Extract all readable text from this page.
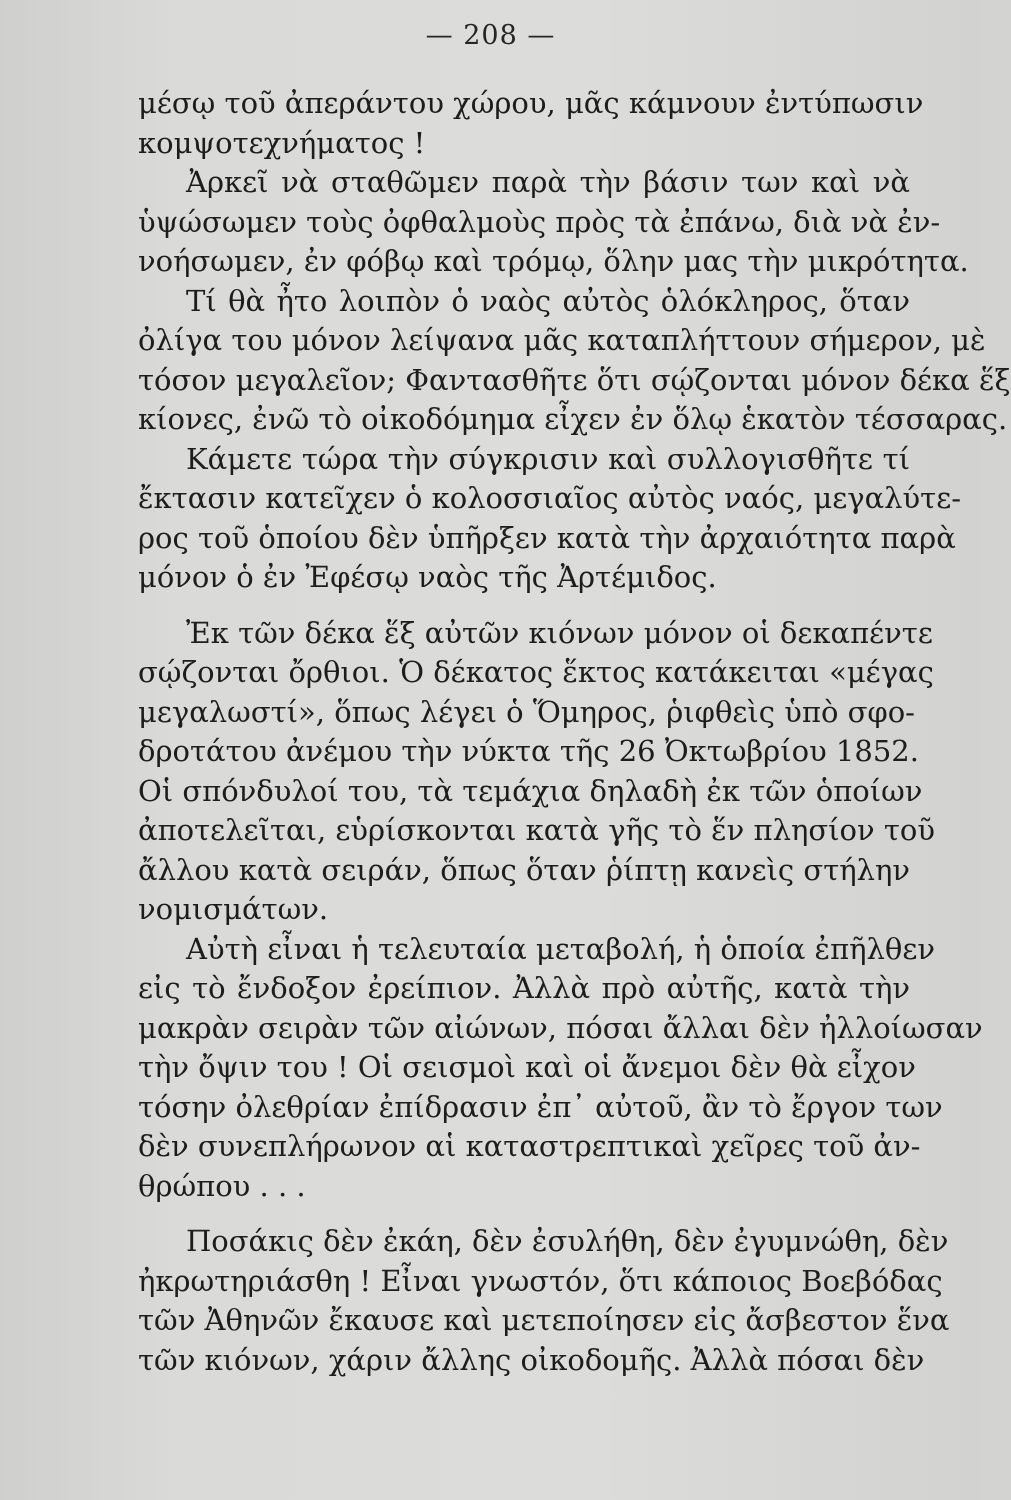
— 208 —
μέσῳ τοῦ ἀπεράντου χώρου, μᾶς κάμνουν ἐντύπωσιν
κομψοτεχνήματος !
Ἀρκεῖ νὰ σταθῶμεν παρὰ τὴν βάσιν των καὶ νὰ
ὑψώσωμεν τοὺς ὀφθαλμοὺς πρὸς τὰ ἐπάνω, διὰ νὰ ἐν-
νοήσωμεν, ἐν φόβῳ καὶ τρόμῳ, ὅλην μας τὴν μικρότητα.
Τί θὰ ἦτο λοιπὸν ὁ ναὸς αὐτὸς ὁλόκληρος, ὅταν
ὀλίγα του μόνον λείψανα μᾶς καταπλήττουν σήμερον, μὲ
τόσον μεγαλεῖον; Φαντασθῆτε ὅτι σῴζονται μόνον δέκα ἕξ
κίονες, ἐνῶ τὸ οἰκοδόμημα εἶχεν ἐν ὅλῳ ἑκατὸν τέσσαρας.
Κάμετε τώρα τὴν σύγκρισιν καὶ συλλογισθῆτε τί
ἔκτασιν κατεῖχεν ὁ κολοσσιαῖος αὐτὸς ναός, μεγαλύτε-
ρος τοῦ ὁποίου δὲν ὑπῆρξεν κατὰ τὴν ἀρχαιότητα παρὰ
μόνον ὁ ἐν Ἐφέσῳ ναὸς τῆς Ἀρτέμιδος.
Ἐκ τῶν δέκα ἕξ αὐτῶν κιόνων μόνον οἱ δεκαπέντε
σῴζονται ὄρθιοι. Ὁ δέκατος ἕκτος κατάκειται «μέγας
μεγαλωστί», ὅπως λέγει ὁ Ὅμηρος, ῥιφθεὶς ὑπὸ σφο-
δροτάτου ἀνέμου τὴν νύκτα τῆς 26 Ὀκτωβρίου 1852.
Οἱ σπόνδυλοί του, τὰ τεμάχια δηλαδὴ ἐκ τῶν ὁποίων
ἀποτελεῖται, εὑρίσκονται κατὰ γῆς τὸ ἕν πλησίον τοῦ
ἄλλου κατὰ σειράν, ὅπως ὅταν ῥίπτῃ κανεὶς στήλην
νομισμάτων.
Αὐτὴ εἶναι ἡ τελευταία μεταβολή, ἡ ὁποία ἐπῆλθεν
εἰς τὸ ἔνδοξον ἐρείπιον. Ἀλλὰ πρὸ αὐτῆς, κατὰ τὴν
μακρὰν σειρὰν τῶν αἰώνων, πόσαι ἄλλαι δὲν ἠλλοίωσαν
τὴν ὄψιν του ! Οἱ σεισμοὶ καὶ οἱ ἄνεμοι δὲν θὰ εἶχον
τόσην ὀλεθρίαν ἐπίδρασιν ἐπ᾿ αὐτοῦ, ἂν τὸ ἔργον των
δὲν συνεπλήρωνον αἱ καταστρεπτικαὶ χεῖρες τοῦ ἀν-
θρώπου . . .
Ποσάκις δὲν ἐκάη, δὲν ἐσυλήθη, δὲν ἐγυμνώθη, δὲν
ἠκρωτηριάσθη ! Εἶναι γνωστόν, ὅτι κάποιος Βοεβόδας
τῶν Ἀθηνῶν ἔκαυσε καὶ μετεποίησεν εἰς ἄσβεστον ἕνα
τῶν κιόνων, χάριν ἄλλης οἰκοδομῆς. Ἀλλὰ πόσαι δὲν
